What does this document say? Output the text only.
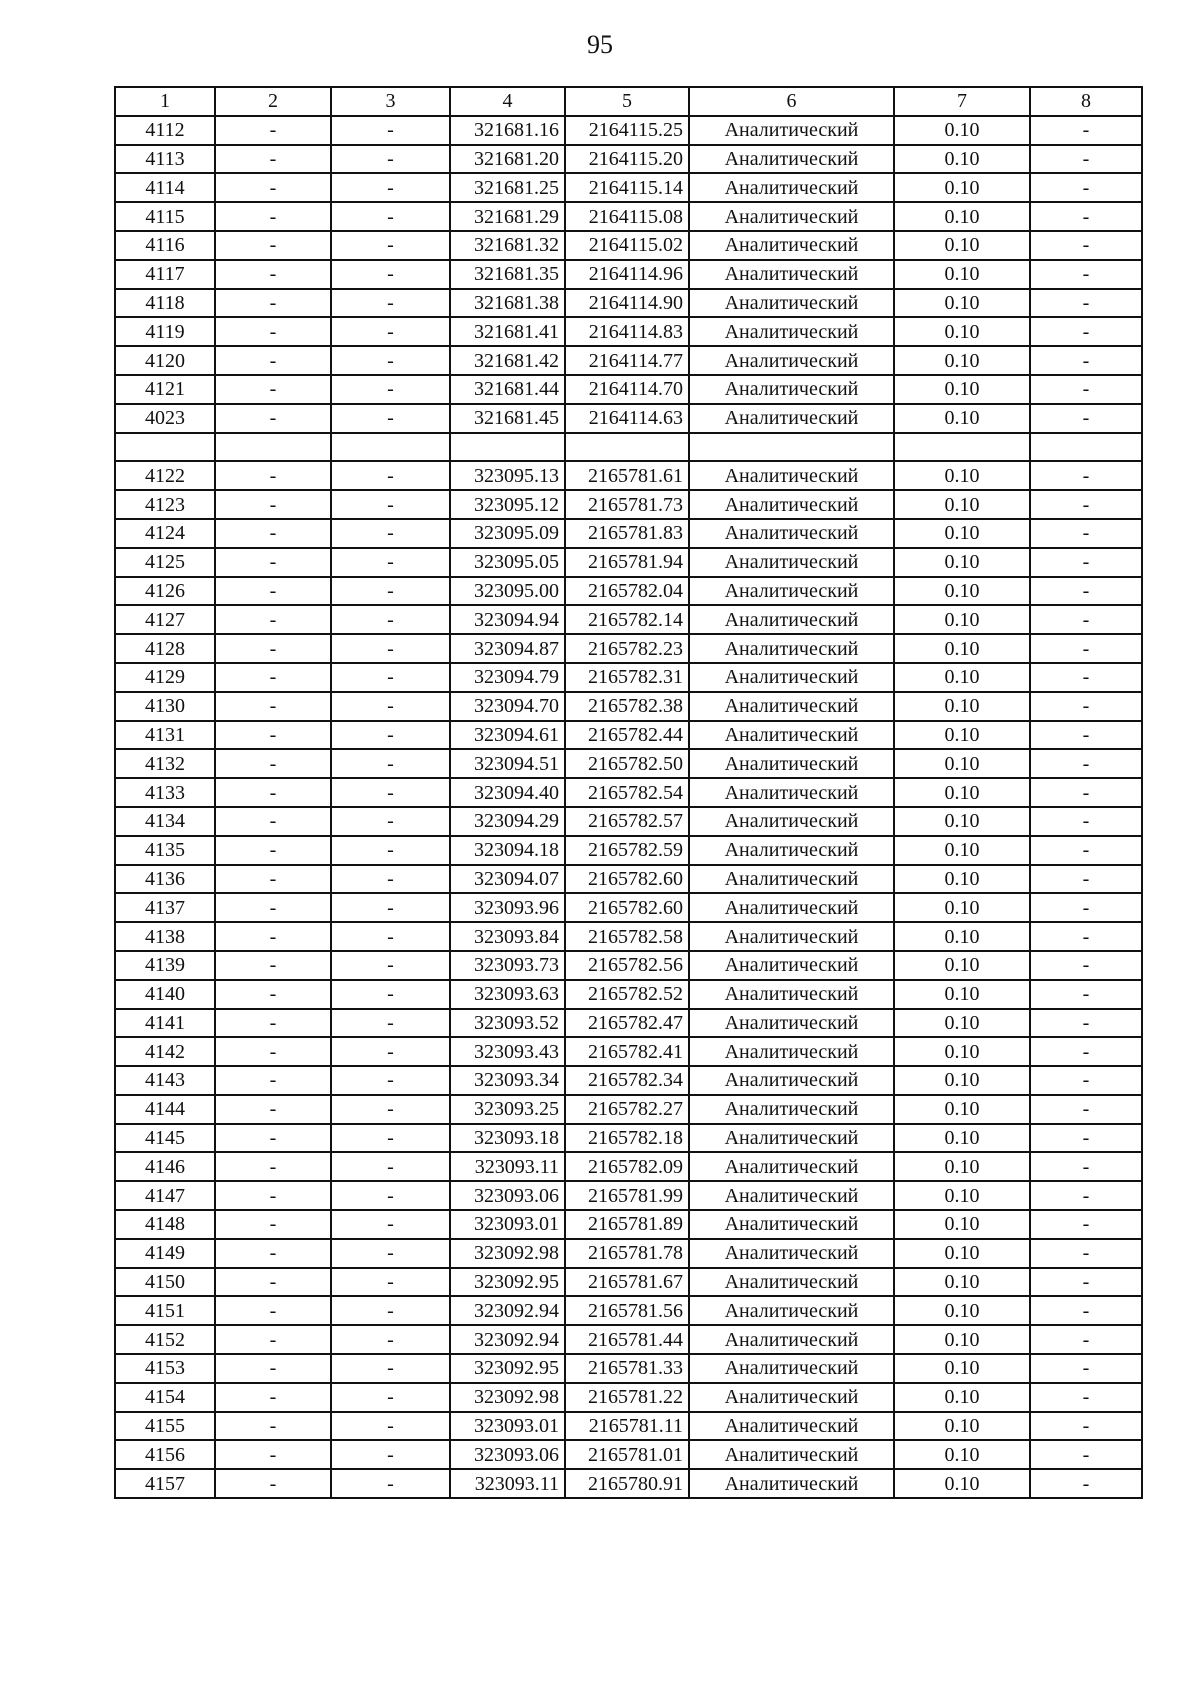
95
1	2	3	4	5	6	7	8
4112	-	-	321681.16	2164115.25	Аналитический	0.10	-
4113	-	-	321681.20	2164115.20	Аналитический	0.10	-
4114	-	-	321681.25	2164115.14	Аналитический	0.10	-
4115	-	-	321681.29	2164115.08	Аналитический	0.10	-
4116	-	-	321681.32	2164115.02	Аналитический	0.10	-
4117	-	-	321681.35	2164114.96	Аналитический	0.10	-
4118	-	-	321681.38	2164114.90	Аналитический	0.10	-
4119	-	-	321681.41	2164114.83	Аналитический	0.10	-
4120	-	-	321681.42	2164114.77	Аналитический	0.10	-
4121	-	-	321681.44	2164114.70	Аналитический	0.10	-
4023	-	-	321681.45	2164114.63	Аналитический	0.10	-

4122	-	-	323095.13	2165781.61	Аналитический	0.10	-
4123	-	-	323095.12	2165781.73	Аналитический	0.10	-
4124	-	-	323095.09	2165781.83	Аналитический	0.10	-
4125	-	-	323095.05	2165781.94	Аналитический	0.10	-
4126	-	-	323095.00	2165782.04	Аналитический	0.10	-
4127	-	-	323094.94	2165782.14	Аналитический	0.10	-
4128	-	-	323094.87	2165782.23	Аналитический	0.10	-
4129	-	-	323094.79	2165782.31	Аналитический	0.10	-
4130	-	-	323094.70	2165782.38	Аналитический	0.10	-
4131	-	-	323094.61	2165782.44	Аналитический	0.10	-
4132	-	-	323094.51	2165782.50	Аналитический	0.10	-
4133	-	-	323094.40	2165782.54	Аналитический	0.10	-
4134	-	-	323094.29	2165782.57	Аналитический	0.10	-
4135	-	-	323094.18	2165782.59	Аналитический	0.10	-
4136	-	-	323094.07	2165782.60	Аналитический	0.10	-
4137	-	-	323093.96	2165782.60	Аналитический	0.10	-
4138	-	-	323093.84	2165782.58	Аналитический	0.10	-
4139	-	-	323093.73	2165782.56	Аналитический	0.10	-
4140	-	-	323093.63	2165782.52	Аналитический	0.10	-
4141	-	-	323093.52	2165782.47	Аналитический	0.10	-
4142	-	-	323093.43	2165782.41	Аналитический	0.10	-
4143	-	-	323093.34	2165782.34	Аналитический	0.10	-
4144	-	-	323093.25	2165782.27	Аналитический	0.10	-
4145	-	-	323093.18	2165782.18	Аналитический	0.10	-
4146	-	-	323093.11	2165782.09	Аналитический	0.10	-
4147	-	-	323093.06	2165781.99	Аналитический	0.10	-
4148	-	-	323093.01	2165781.89	Аналитический	0.10	-
4149	-	-	323092.98	2165781.78	Аналитический	0.10	-
4150	-	-	323092.95	2165781.67	Аналитический	0.10	-
4151	-	-	323092.94	2165781.56	Аналитический	0.10	-
4152	-	-	323092.94	2165781.44	Аналитический	0.10	-
4153	-	-	323092.95	2165781.33	Аналитический	0.10	-
4154	-	-	323092.98	2165781.22	Аналитический	0.10	-
4155	-	-	323093.01	2165781.11	Аналитический	0.10	-
4156	-	-	323093.06	2165781.01	Аналитический	0.10	-
4157	-	-	323093.11	2165780.91	Аналитический	0.10	-
